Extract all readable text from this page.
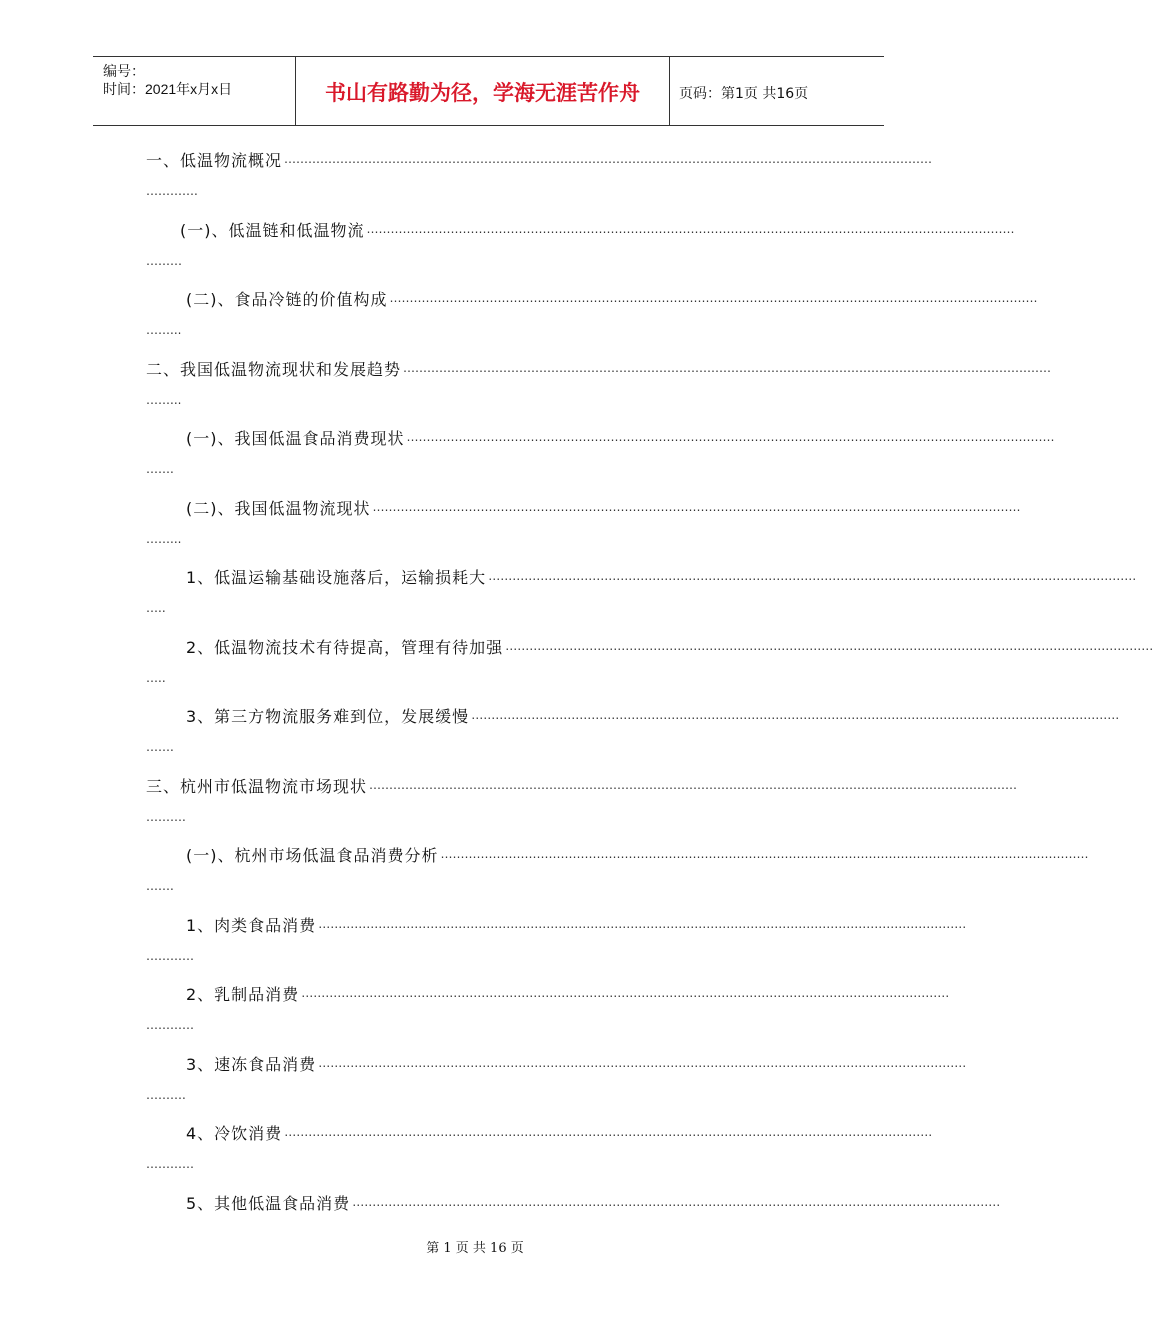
编号：
时间：2021年x月x日	书山有路勤为径，学海无涯苦作舟	页码：第1页 共16页
一、低温物流概况 ………………………………………………………………………………………………………………………………………………
………….
(一)、低温链和低温物流 ………………………………………………………………………………………………………………………………………………
………
(二)、食品冷链的价值构成 ………………………………………………………………………………………………………………………………………………
……...
二、我国低温物流现状和发展趋势 ………………………………………………………………………………………………………………………………………………
……...
(一)、我国低温食品消费现状 ………………………………………………………………………………………………………………………………………………
…….
(二)、我国低温物流现状 ………………………………………………………………………………………………………………………………………………
……...
1、低温运输基础设施落后，运输损耗大 ………………………………………………………………………………………………………………………………………………
…..
2、低温物流技术有待提高，管理有待加强 ………………………………………………………………………………………………………………………………………………
…..
3、第三方物流服务难到位，发展缓慢 ………………………………………………………………………………………………………………………………………………
…….
三、杭州市低温物流市场现状 ………………………………………………………………………………………………………………………………………………
……….
(一)、杭州市场低温食品消费分析 ………………………………………………………………………………………………………………………………………………
…….
1、肉类食品消费 ………………………………………………………………………………………………………………………………………………
…………
2、乳制品消费 ………………………………………………………………………………………………………………………………………………
…………
3、速冻食品消费 ………………………………………………………………………………………………………………………………………………
……….
4、冷饮消费 ………………………………………………………………………………………………………………………………………………
…………
5、其他低温食品消费 ………………………………………………………………………………………………………………………………………………
第 1 页 共 16 页
